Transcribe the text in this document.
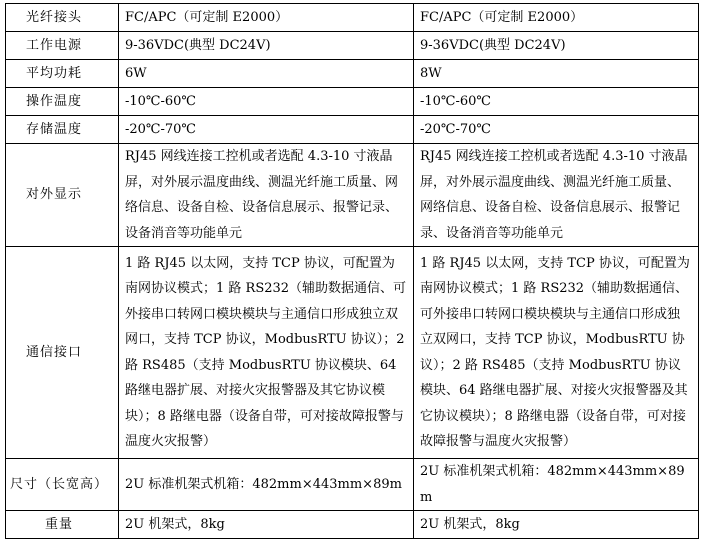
光纤接头	FC/APC（可定制 E2000）	FC/APC（可定制 E2000）
工作电源	9-36VDC(典型 DC24V)	9-36VDC(典型 DC24V)
平均功耗	6W	8W
操作温度	-10℃-60℃	-10℃-60℃
存储温度	-20℃-70℃	-20℃-70℃
对外显示	RJ45 网线连接工控机或者选配 4.3-10 寸液晶屏，对外展示温度曲线、测温光纤施工质量、网络信息、设备自检、设备信息展示、报警记录、设备消音等功能单元	RJ45 网线连接工控机或者选配 4.3-10 寸液晶屏，对外展示温度曲线、测温光纤施工质量、网络信息、设备自检、设备信息展示、报警记录、设备消音等功能单元
通信接口	1 路 RJ45 以太网，支持 TCP 协议，可配置为南网协议模式；1 路 RS232（辅助数据通信、可外接串口转网口模块模块与主通信口形成独立双网口，支持 TCP 协议，ModbusRTU 协议）；2 路 RS485（支持 ModbusRTU 协议模块、64 路继电器扩展、对接火灾报警器及其它协议模块）；8 路继电器（设备自带，可对接故障报警与温度火灾报警）	1 路 RJ45 以太网，支持 TCP 协议，可配置为南网协议模式；1 路 RS232（辅助数据通信、可外接串口转网口模块模块与主通信口形成独立双网口，支持 TCP 协议，ModbusRTU 协议）；2 路 RS485（支持 ModbusRTU 协议模块、64 路继电器扩展、对接火灾报警器及其它协议模块）；8 路继电器（设备自带，可对接故障报警与温度火灾报警）
尺寸（长宽高）	2U 标准机架式机箱：482mm×443mm×89m	2U 标准机架式机箱：482mm×443mm×89m
重量	2U 机架式，8kg	2U 机架式，8kg
